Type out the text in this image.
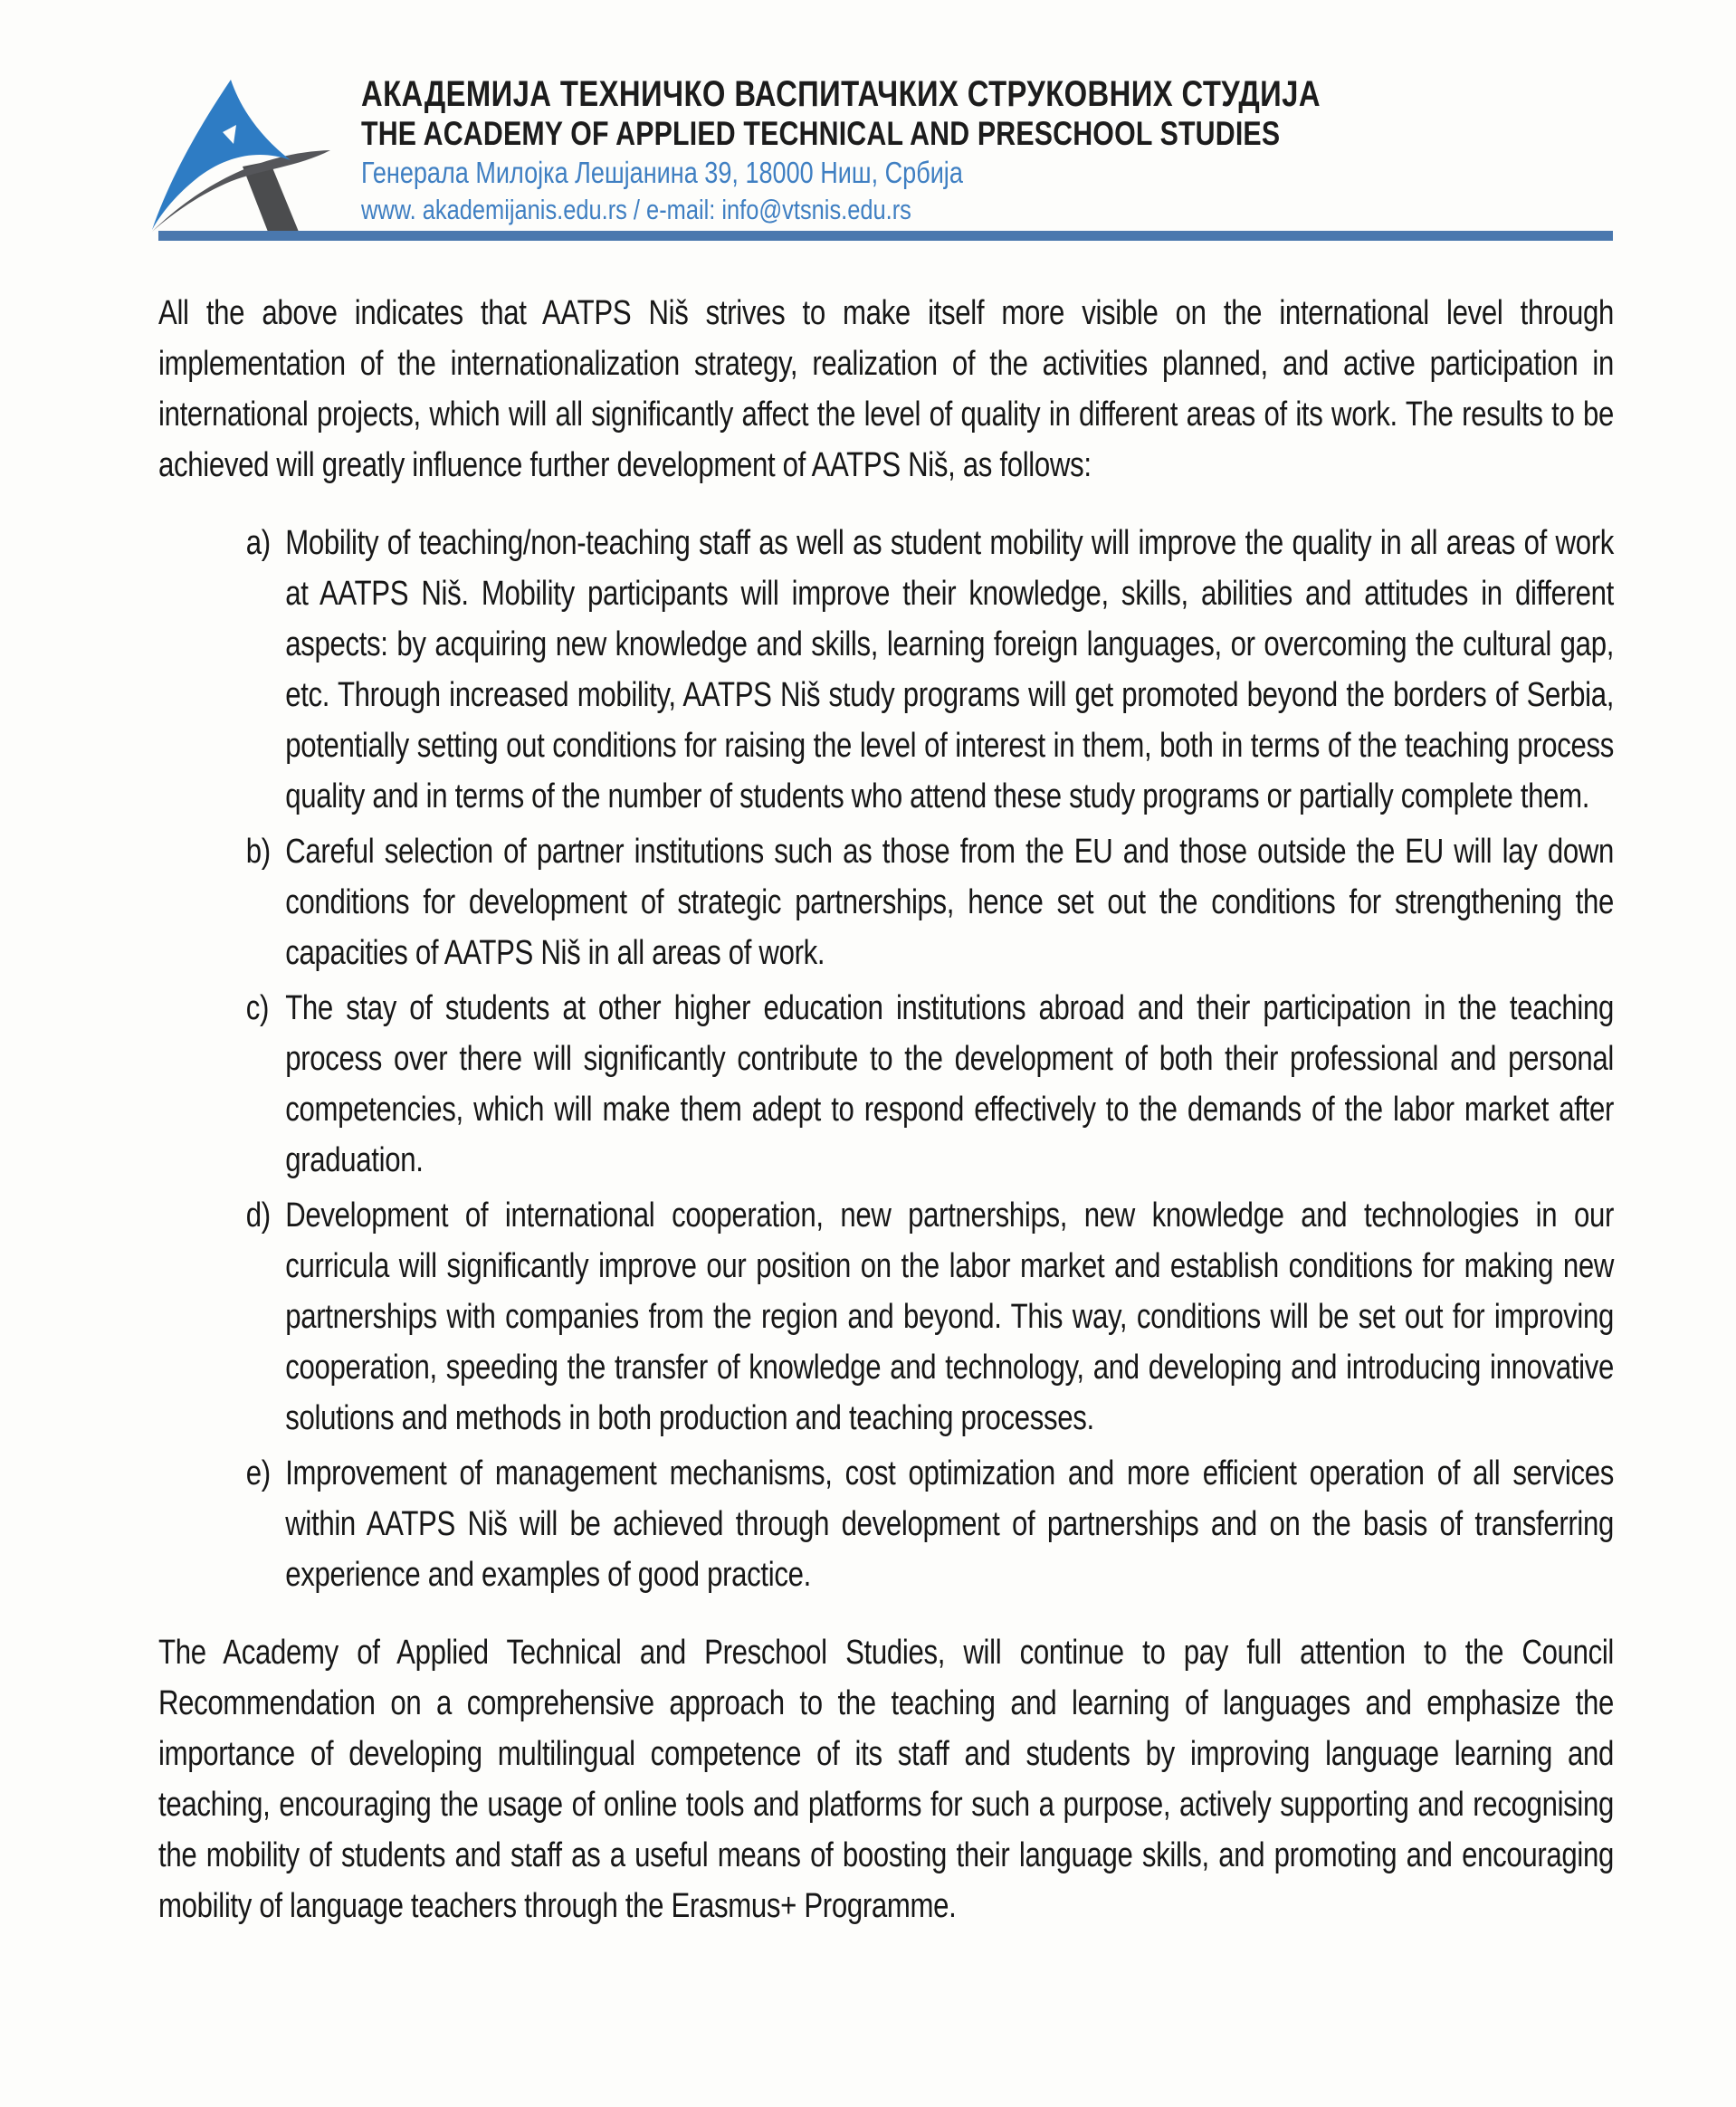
АКАДЕМИЈА ТЕХНИЧКО ВАСПИТАЧКИХ СТРУКОВНИХ СТУДИЈА
THE ACADEMY OF APPLIED TECHNICAL AND PRESCHOOL STUDIES
Генерала Милојка Лешјанина 39, 18000 Ниш, Србија
www. akademijanis.edu.rs / e-mail: info@vtsnis.edu.rs

All the above indicates that AATPS Niš strives to make itself more visible on the international level through implementation of the internationalization strategy, realization of the activities planned, and active participation in international projects, which will all significantly affect the level of quality in different areas of its work. The results to be achieved will greatly influence further development of AATPS Niš, as follows:

a) Mobility of teaching/non-teaching staff as well as student mobility will improve the quality in all areas of work at AATPS Niš. Mobility participants will improve their knowledge, skills, abilities and attitudes in different aspects: by acquiring new knowledge and skills, learning foreign languages, or overcoming the cultural gap, etc. Through increased mobility, AATPS Niš study programs will get promoted beyond the borders of Serbia, potentially setting out conditions for raising the level of interest in them, both in terms of the teaching process quality and in terms of the number of students who attend these study programs or partially complete them.
b) Careful selection of partner institutions such as those from the EU and those outside the EU will lay down conditions for development of strategic partnerships, hence set out the conditions for strengthening the capacities of AATPS Niš in all areas of work.
c) The stay of students at other higher education institutions abroad and their participation in the teaching process over there will significantly contribute to the development of both their professional and personal competencies, which will make them adept to respond effectively to the demands of the labor market after graduation.
d) Development of international cooperation, new partnerships, new knowledge and technologies in our curricula will significantly improve our position on the labor market and establish conditions for making new partnerships with companies from the region and beyond. This way, conditions will be set out for improving cooperation, speeding the transfer of knowledge and technology, and developing and introducing innovative solutions and methods in both production and teaching processes.
e) Improvement of management mechanisms, cost optimization and more efficient operation of all services within AATPS Niš will be achieved through development of partnerships and on the basis of transferring experience and examples of good practice.

The Academy of Applied Technical and Preschool Studies, will continue to pay full attention to the Council Recommendation on a comprehensive approach to the teaching and learning of languages and emphasize the importance of developing multilingual competence of its staff and students by improving language learning and teaching, encouraging the usage of online tools and platforms for such a purpose, actively supporting and recognising the mobility of students and staff as a useful means of boosting their language skills, and promoting and encouraging mobility of language teachers through the Erasmus+ Programme.
